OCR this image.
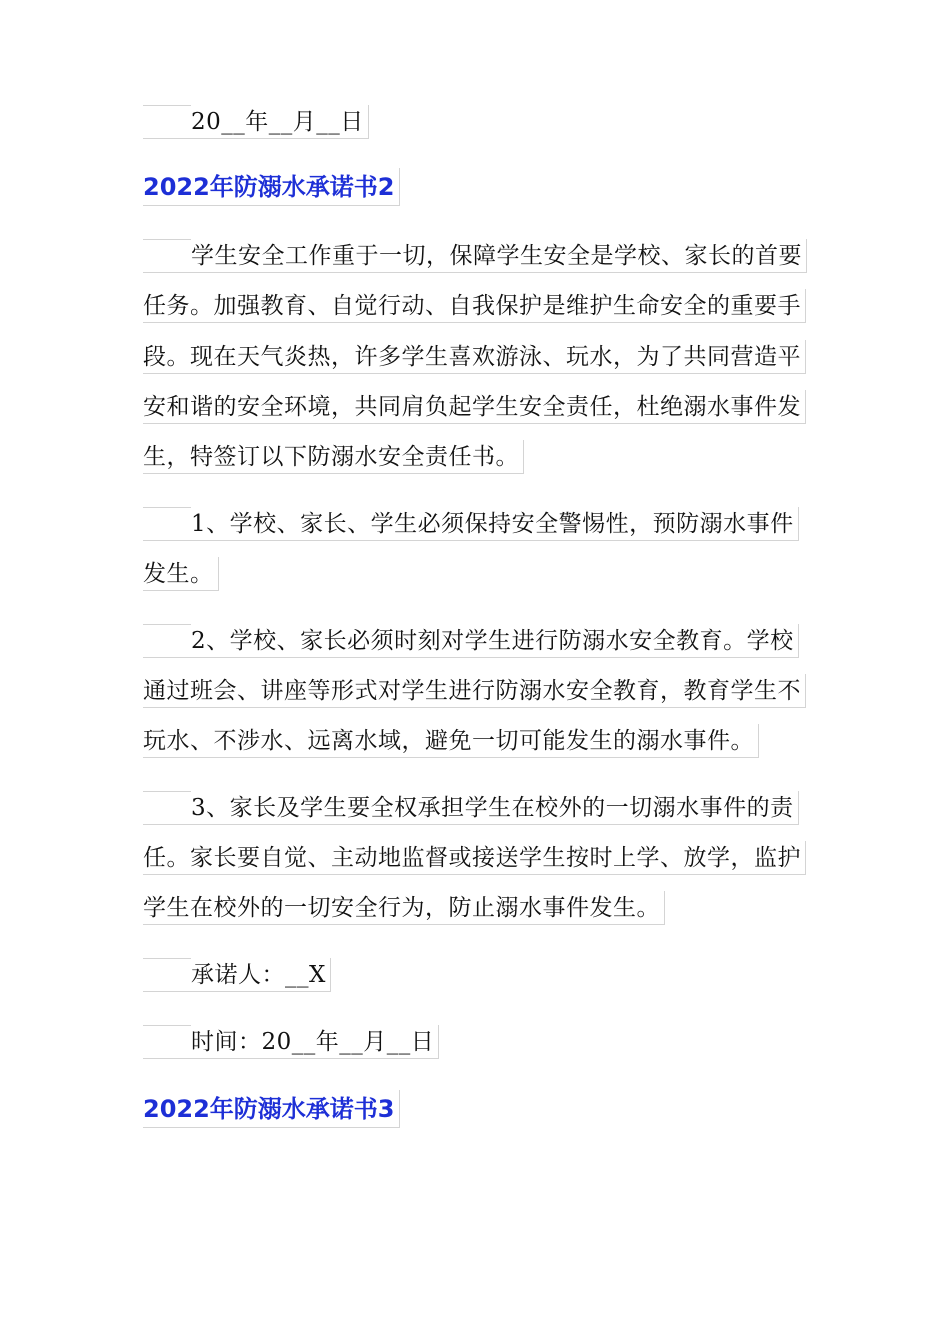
20__年__月__日
2022年防溺水承诺书2
学生安全工作重于一切，保障学生安全是学校、家长的首要
任务。加强教育、自觉行动、自我保护是维护生命安全的重要手
段。现在天气炎热，许多学生喜欢游泳、玩水，为了共同营造平
安和谐的安全环境，共同肩负起学生安全责任，杜绝溺水事件发
生，特签订以下防溺水安全责任书。
1、学校、家长、学生必须保持安全警惕性，预防溺水事件
发生。
2、学校、家长必须时刻对学生进行防溺水安全教育。学校
通过班会、讲座等形式对学生进行防溺水安全教育，教育学生不
玩水、不涉水、远离水域，避免一切可能发生的溺水事件。
3、家长及学生要全权承担学生在校外的一切溺水事件的责
任。家长要自觉、主动地监督或接送学生按时上学、放学，监护
学生在校外的一切安全行为，防止溺水事件发生。
承诺人：__X
时间：20__年__月__日
2022年防溺水承诺书3
